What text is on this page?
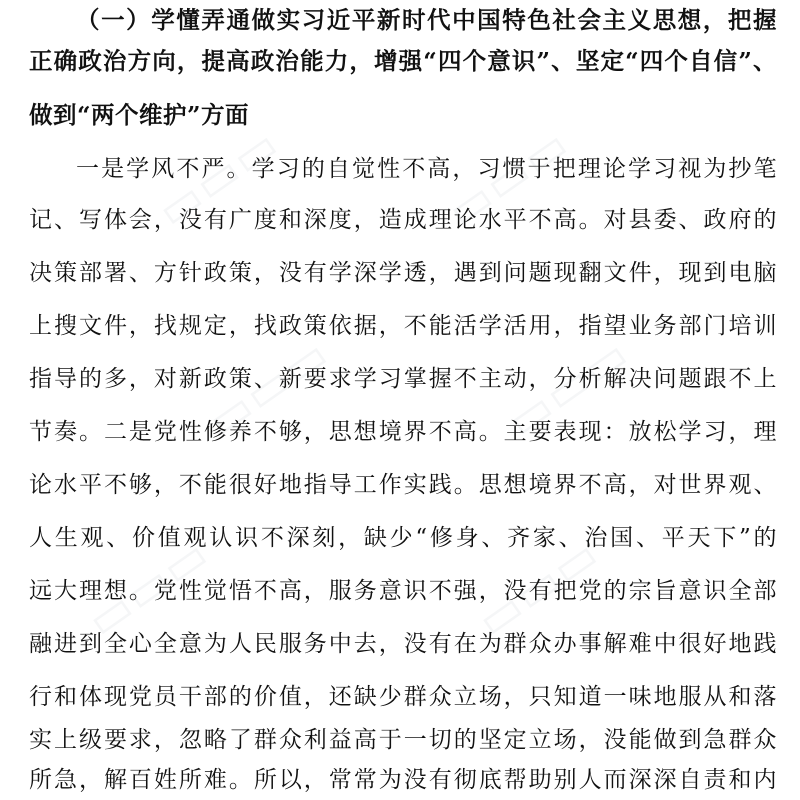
▭▭▭	▭▭▭
▭▭▭	▭▭▭
▭▭▭	▭▭▭
（一）学懂弄通做实习近平新时代中国特色社会主义思想，把握
正确政治方向，提高政治能力，增强“四个意识”、坚定“四个自信”、
做到“两个维护”方面
一是学风不严。学习的自觉性不高，习惯于把理论学习视为抄笔
记、写体会，没有广度和深度，造成理论水平不高。对县委、政府的
决策部署、方针政策，没有学深学透，遇到问题现翻文件，现到电脑
上搜文件，找规定，找政策依据，不能活学活用，指望业务部门培训
指导的多，对新政策、新要求学习掌握不主动，分析解决问题跟不上
节奏。二是党性修养不够，思想境界不高。主要表现：放松学习，理
论水平不够，不能很好地指导工作实践。思想境界不高，对世界观、
人生观、价值观认识不深刻，缺少“修身、齐家、治国、平天下”的
远大理想。党性觉悟不高，服务意识不强，没有把党的宗旨意识全部
融进到全心全意为人民服务中去，没有在为群众办事解难中很好地践
行和体现党员干部的价值，还缺少群众立场，只知道一味地服从和落
实上级要求，忽略了群众利益高于一切的坚定立场，没能做到急群众
所急，解百姓所难。所以，常常为没有彻底帮助别人而深深自责和内
